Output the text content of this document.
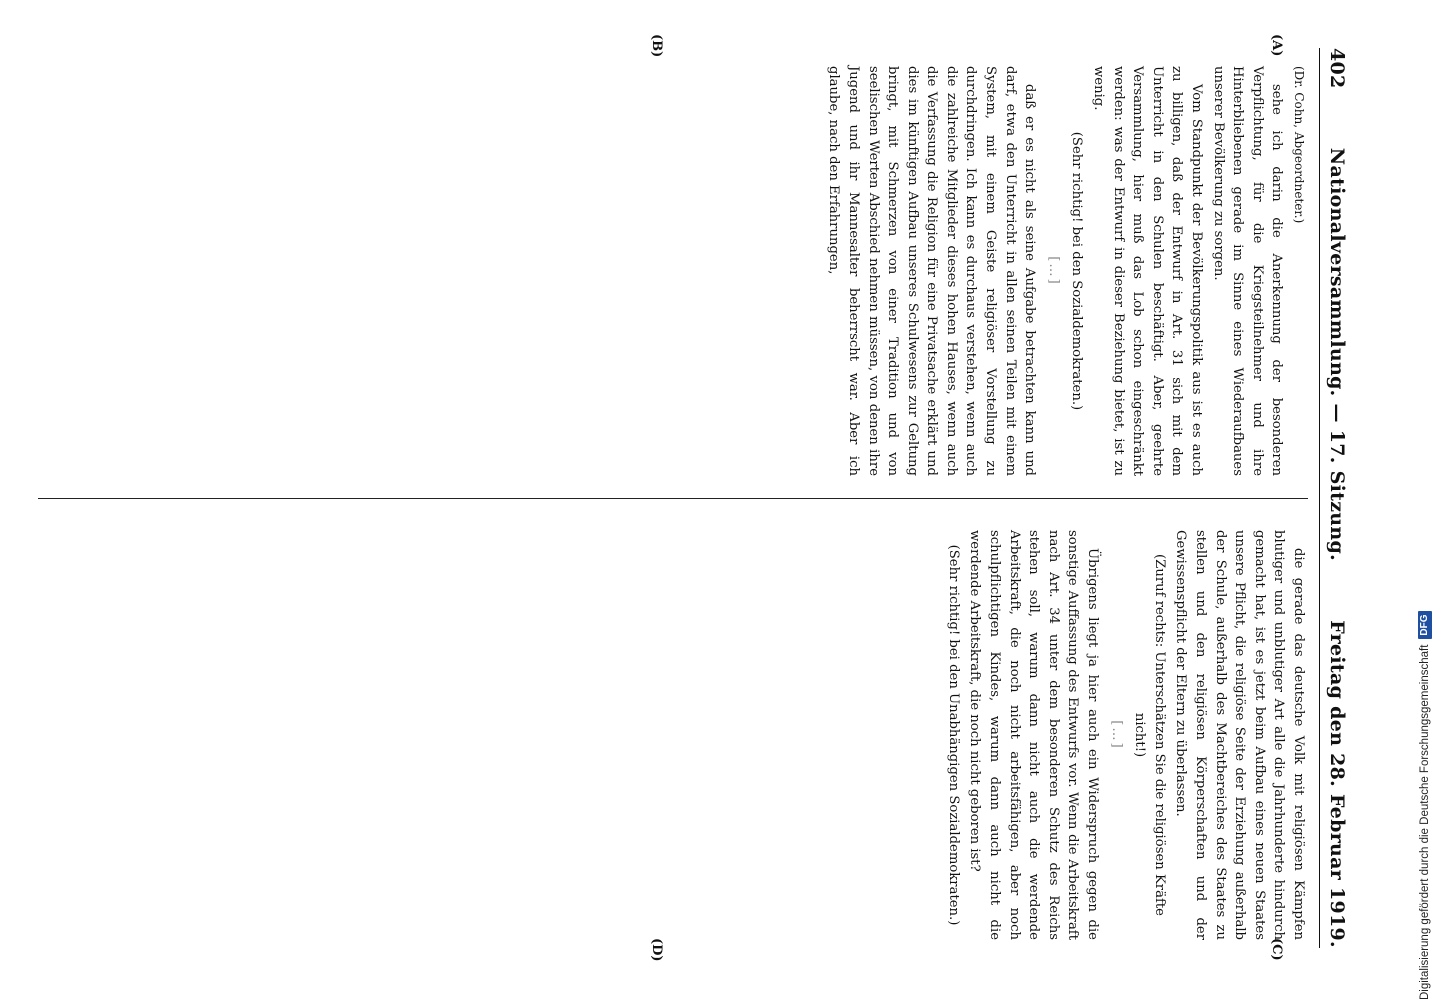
402
Nationalversammlung. — 17. Sitzung.
Freitag den 28. Februar 1919.

(Dr. Cohn, Abgeordneter.)

sehe ich darin die Anerkennung der besonderen Verpflichtung, für die Kriegsteilnehmer und ihre Hinterbliebenen gerade im Sinne eines Wiederaufbaues unserer Bevölkerung zu sorgen.

Vom Standpunkt der Bevölkerungspolitik aus ist es auch zu billigen, daß der Entwurf in Art. 31 sich mit dem Unterricht in den Schulen beschäftigt. Aber, geehrte Versammlung, hier muß das Lob schon eingeschränkt werden: was der Entwurf in dieser Beziehung bietet, ist zu wenig.

(Sehr richtig! bei den Sozialdemokraten.)

[…]

daß er es nicht als seine Aufgabe betrachten kann und darf, etwa den Unterricht in allen seinen Teilen mit einem System, mit einem Geiste religiöser Vorstellung zu durchdringen. Ich kann es durchaus verstehen, wenn auch die zahlreiche Mitglieder dieses hohen Hauses, wenn auch die Verfassung die Religion für eine Privatsache erklärt und dies im künftigen Aufbau unseres Schulwesens zur Geltung bringt, mit Schmerzen von einer Tradition und von seelischen Werten Abschied nehmen müssen, von denen ihre Jugend und ihr Mannesalter beherrscht war. Aber ich glaube, nach den Erfahrungen,

die gerade das deutsche Volk mit religiösen Kämpfen blutiger und unblutiger Art alle die Jahrhunderte hindurch gemacht hat, ist es jetzt beim Aufbau eines neuen Staates unsere Pflicht, die religiöse Seite der Erziehung außerhalb der Schule, außerhalb des Machtbereiches des Staates zu stellen und den religiösen Körperschaften und der Gewissenspflicht der Eltern zu überlassen.

(Zuruf rechts: Unterschätzen Sie die religiösen Kräfte nicht!)

[…]

Übrigens liegt ja hier auch ein Widerspruch gegen die sonstige Auffassung des Entwurfs vor. Wenn die Arbeitskraft nach Art. 34 unter dem besonderen Schutz des Reichs stehen soll, warum dann nicht auch die werdende Arbeitskraft, die noch nicht arbeitsfähigen, aber noch schulpflichtigen Kindes, warum dann auch nicht die werdende Arbeitskraft, die noch nicht geboren ist?

(Sehr richtig! bei den Unabhängigen Sozialdemokraten.)

(A)
(B)
(C)
(D)	Digitalisierung gefördert durch die Deutsche Forschungsgemeinschaft
DFG
